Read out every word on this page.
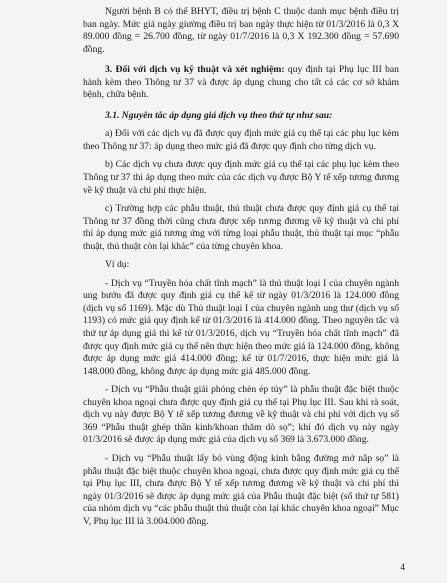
Người bệnh B có thể BHYT, điều trị bệnh C thuộc danh mục bệnh điều trị ban ngày. Mức giá ngày giường điều trị ban ngày thực hiện từ 01/3/2016 là 0,3 X 89.000 đồng = 26.700 đồng, từ ngày 01/7/2016 là 0,3 X 192.300 đồng = 57.690 đồng.

3. Đối với dịch vụ kỹ thuật và xét nghiệm: quy định tại Phụ lục III ban hành kèm theo Thông tư 37 và được áp dụng chung cho tất cả các cơ sở khám bệnh, chữa bệnh.

3.1. Nguyên tắc áp dụng giá dịch vụ theo thứ tự như sau:

a) Đối với các dịch vụ đã được quy định mức giá cụ thể tại các phụ lục kèm theo Thông tư 37: áp dụng theo mức giá đã được quy định cho từng dịch vụ.

b) Các dịch vụ chưa được quy định mức giá cụ thể tại các phụ lục kèm theo Thông tư 37 thì áp dụng theo mức của các dịch vụ được Bộ Y tế xếp tương đương về kỹ thuật và chi phí thực hiện.

c) Trường hợp các phẫu thuật, thủ thuật chưa được quy định giá cụ thể tại Thông tư 37 đồng thời cũng chưa được xếp tương đương về kỹ thuật và chi phí thì áp dụng mức giá tương ứng với từng loại phẫu thuật, thủ thuật tại mục “phẫu thuật, thủ thuật còn lại khác” của từng chuyên khoa.

Ví dụ:

- Dịch vụ “Truyền hóa chất tĩnh mạch” là thủ thuật loại I của chuyên ngành ung bướu đã được quy định giá cụ thể kể từ ngày 01/3/2016 là 124.000 đồng (dịch vụ số 1169). Mặc dù Thủ thuật loại I của chuyên ngành ung thư (dịch vụ số 1193) có mức giá quy định kể từ 01/3/2016 là 414.000 đồng. Theo nguyên tắc và thứ tự áp dụng giá thì kể từ 01/3/2016, dịch vụ “Truyền hóa chất tĩnh mạch” đã được quy định mức giá cụ thể nên thực hiện theo mức giá là 124.000 đồng, không được áp dụng mức giá 414.000 đồng; kể từ 01/7/2016, thực hiện mức giá là 148.000 đồng, không được áp dụng mức giá 485.000 đồng.

- Dịch vụ “Phẫu thuật giải phóng chèn ép tủy” là phẫu thuật đặc biệt thuộc chuyên khoa ngoại chưa được quy định giá cụ thể tại Phụ lục III. Sau khi rà soát, dịch vụ này được Bộ Y tế xếp tương đương về kỹ thuật và chi phí với dịch vụ số 369 “Phẫu thuật ghép thần kinh/khoan thăm dò sọ”; khi đó dịch vụ này ngày 01/3/2016 sẽ được áp dụng mức giá của dịch vụ số 369 là 3.673.000 đồng.

- Dịch vụ “Phẫu thuật lấy bỏ vùng động kinh bằng đường mở nắp sọ” là phẫu thuật đặc biệt thuộc chuyên khoa ngoại, chưa được quy định mức giá cụ thể tại Phụ lục III, chưa được Bộ Y tế xếp tương đương về kỹ thuật và chi phí thì ngày 01/3/2016 sẽ được áp dụng mức giá của Phẫu thuật đặc biệt (số thứ tự 581) của nhóm dịch vụ “các phẫu thuật thủ thuật còn lại khác chuyên khoa ngoại” Mục V, Phụ lục III là 3.004.000 đồng.

4
